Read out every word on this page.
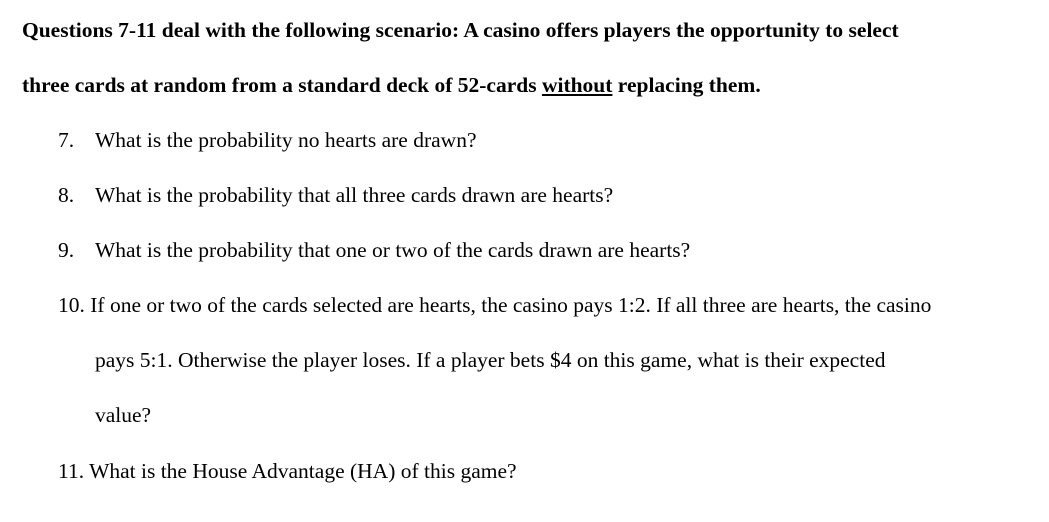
Questions 7-11 deal with the following scenario: A casino offers players the opportunity to select
three cards at random from a standard deck of 52-cards without replacing them.
7. What is the probability no hearts are drawn?
8. What is the probability that all three cards drawn are hearts?
9. What is the probability that one or two of the cards drawn are hearts?
10. If one or two of the cards selected are hearts, the casino pays 1:2. If all three are hearts, the casino
pays 5:1. Otherwise the player loses. If a player bets $4 on this game, what is their expected
value?
11. What is the House Advantage (HA) of this game?
